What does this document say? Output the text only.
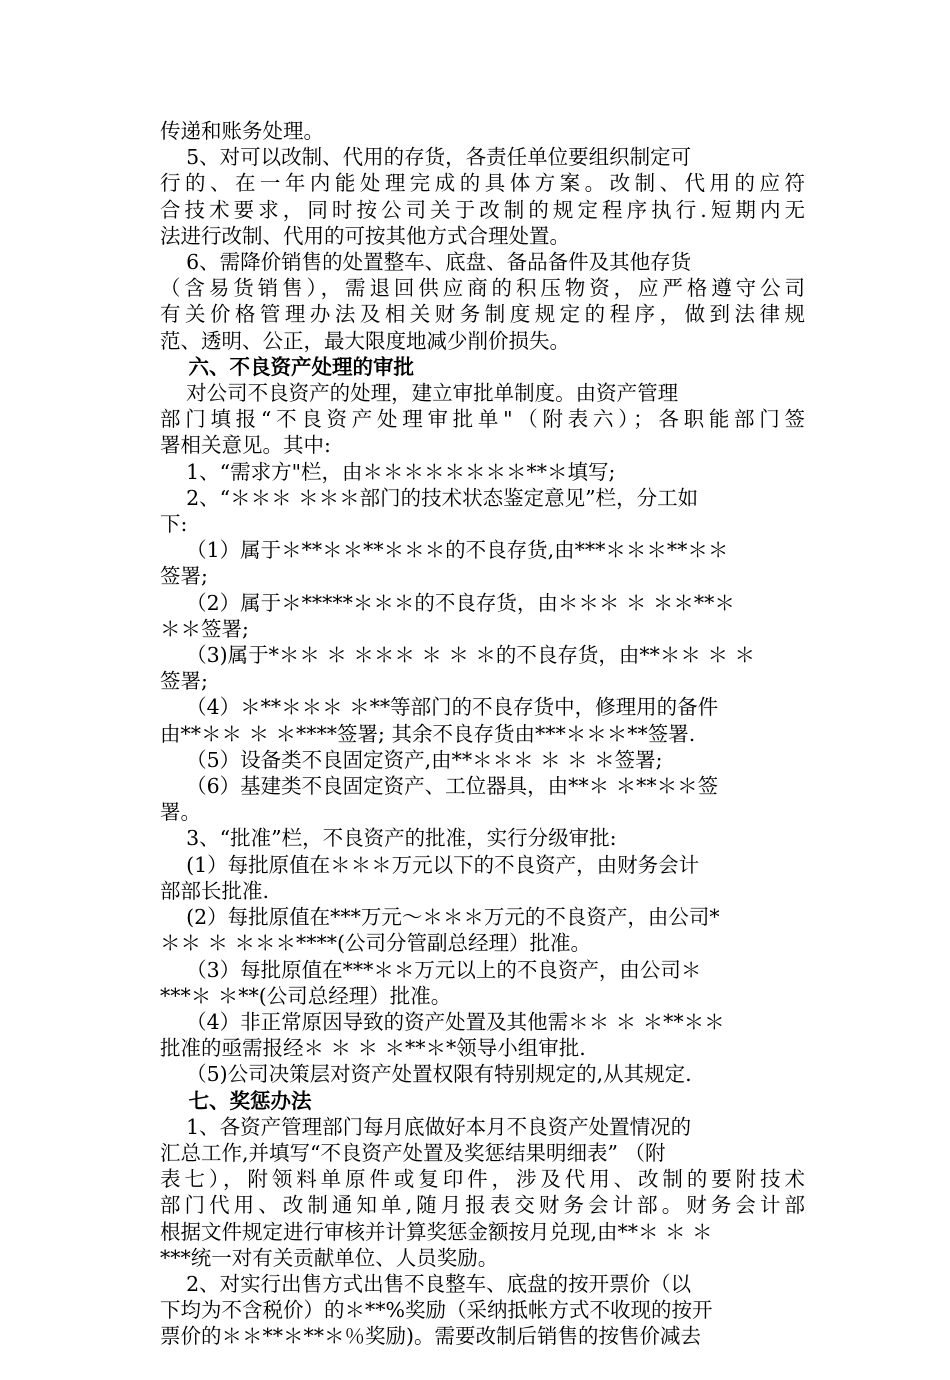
传递和账务处理。
5、对可以改制、代用的存货，各责任单位要组织制定可
行的、在一年内能处理完成的具体方案。改制、代用的应符
合技术要求，同时按公司关于改制的规定程序执行.短期内无
法进行改制、代用的可按其他方式合理处置。
6、需降价销售的处置整车、底盘、备品备件及其他存货
（含易货销售），需退回供应商的积压物资，应严格遵守公司
有关价格管理办法及相关财务制度规定的程序，做到法律规
范、透明、公正，最大限度地减少削价损失。
六、不良资产处理的审批
对公司不良资产的处理，建立审批单制度。由资产管理
部门填报“不良资产处理审批单"（附表六）；各职能部门签
署相关意见。其中:
1、“需求方"栏，由＊＊＊＊＊＊＊＊**＊填写;
2、“＊＊＊ ＊＊＊部门的技术状态鉴定意见”栏，分工如
下:
（1）属于＊**＊＊**＊＊＊的不良存货,由***＊＊＊**＊＊
签署;
（2）属于＊*****＊＊＊的不良存货，由＊＊＊ ＊ ＊＊**＊
＊＊签署;
（3)属于*＊＊ ＊ ＊＊＊ ＊ ＊ ＊的不良存货，由**＊＊ ＊ ＊
签署;
（4）＊**＊＊＊ ＊**等部门的不良存货中，修理用的备件
由**＊＊ ＊ ＊****签署; 其余不良存货由***＊＊＊**签署.
（5）设备类不良固定资产,由**＊＊＊ ＊ ＊ ＊签署;
（6）基建类不良固定资产、工位器具，由**＊ ＊**＊＊签
署。
3、“批准”栏，不良资产的批准，实行分级审批:
(1）每批原值在＊＊＊万元以下的不良资产，由财务会计
部部长批准.
(2）每批原值在***万元～＊＊＊万元的不良资产，由公司*
＊＊ ＊ ＊＊＊****(公司分管副总经理）批准。
（3）每批原值在***＊＊万元以上的不良资产，由公司＊
***＊ ＊**(公司总经理）批准。
（4）非正常原因导致的资产处置及其他需＊＊ ＊ ＊**＊＊
批准的亟需报经＊ ＊ ＊ ＊**＊*领导小组审批.
（5)公司决策层对资产处置权限有特别规定的,从其规定.
七、奖惩办法
1、各资产管理部门每月底做好本月不良资产处置情况的
汇总工作,并填写“不良资产处置及奖惩结果明细表” （附
表七），附领料单原件或复印件，涉及代用、改制的要附技术
部门代用、改制通知单,随月报表交财务会计部。财务会计部
根据文件规定进行审核并计算奖惩金额按月兑现,由**＊ ＊ ＊
***统一对有关贡献单位、人员奖励。
2、对实行出售方式出售不良整车、底盘的按开票价（以
下均为不含税价）的＊**%奖励（采纳抵帐方式不收现的按开
票价的＊＊**＊**＊％奖励)。需要改制后销售的按售价减去
